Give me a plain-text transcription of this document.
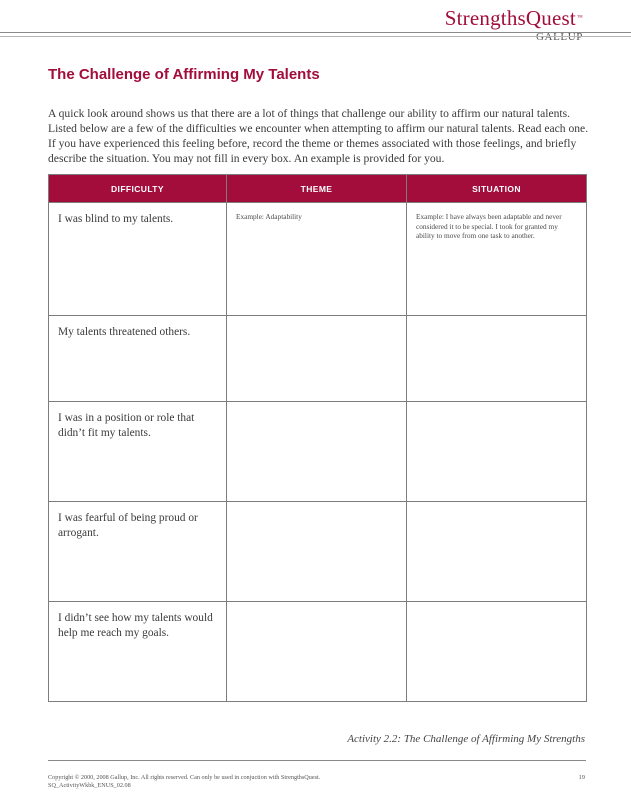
StrengthsQuest™
GALLUP
The Challenge of Affirming My Talents
A quick look around shows us that there are a lot of things that challenge our ability to affirm our natural talents. Listed below are a few of the difficulties we encounter when attempting to affirm our natural talents. Read each one. If you have experienced this feeling before, record the theme or themes associated with those feelings, and briefly describe the situation. You may not fill in every box. An example is provided for you.
DIFFICULTY	THEME	SITUATION

I was blind to my talents.	Example: Adaptability	Example: I have always been adaptable and never considered it to be special. I took for granted my ability to move from one task to another.

My talents threatened others.		

I was in a position or role that didn’t fit my talents.		

I was fearful of being proud or arrogant.		

I didn’t see how my talents would help me reach my goals.		

Activity 2.2: The Challenge of Affirming My Strengths
Copyright © 2000, 2008 Gallup, Inc. All rights reserved. Can only be used in conjuction with StrengthsQuest.
SQ_ActivityWkbk_ENUS_02.08
19
